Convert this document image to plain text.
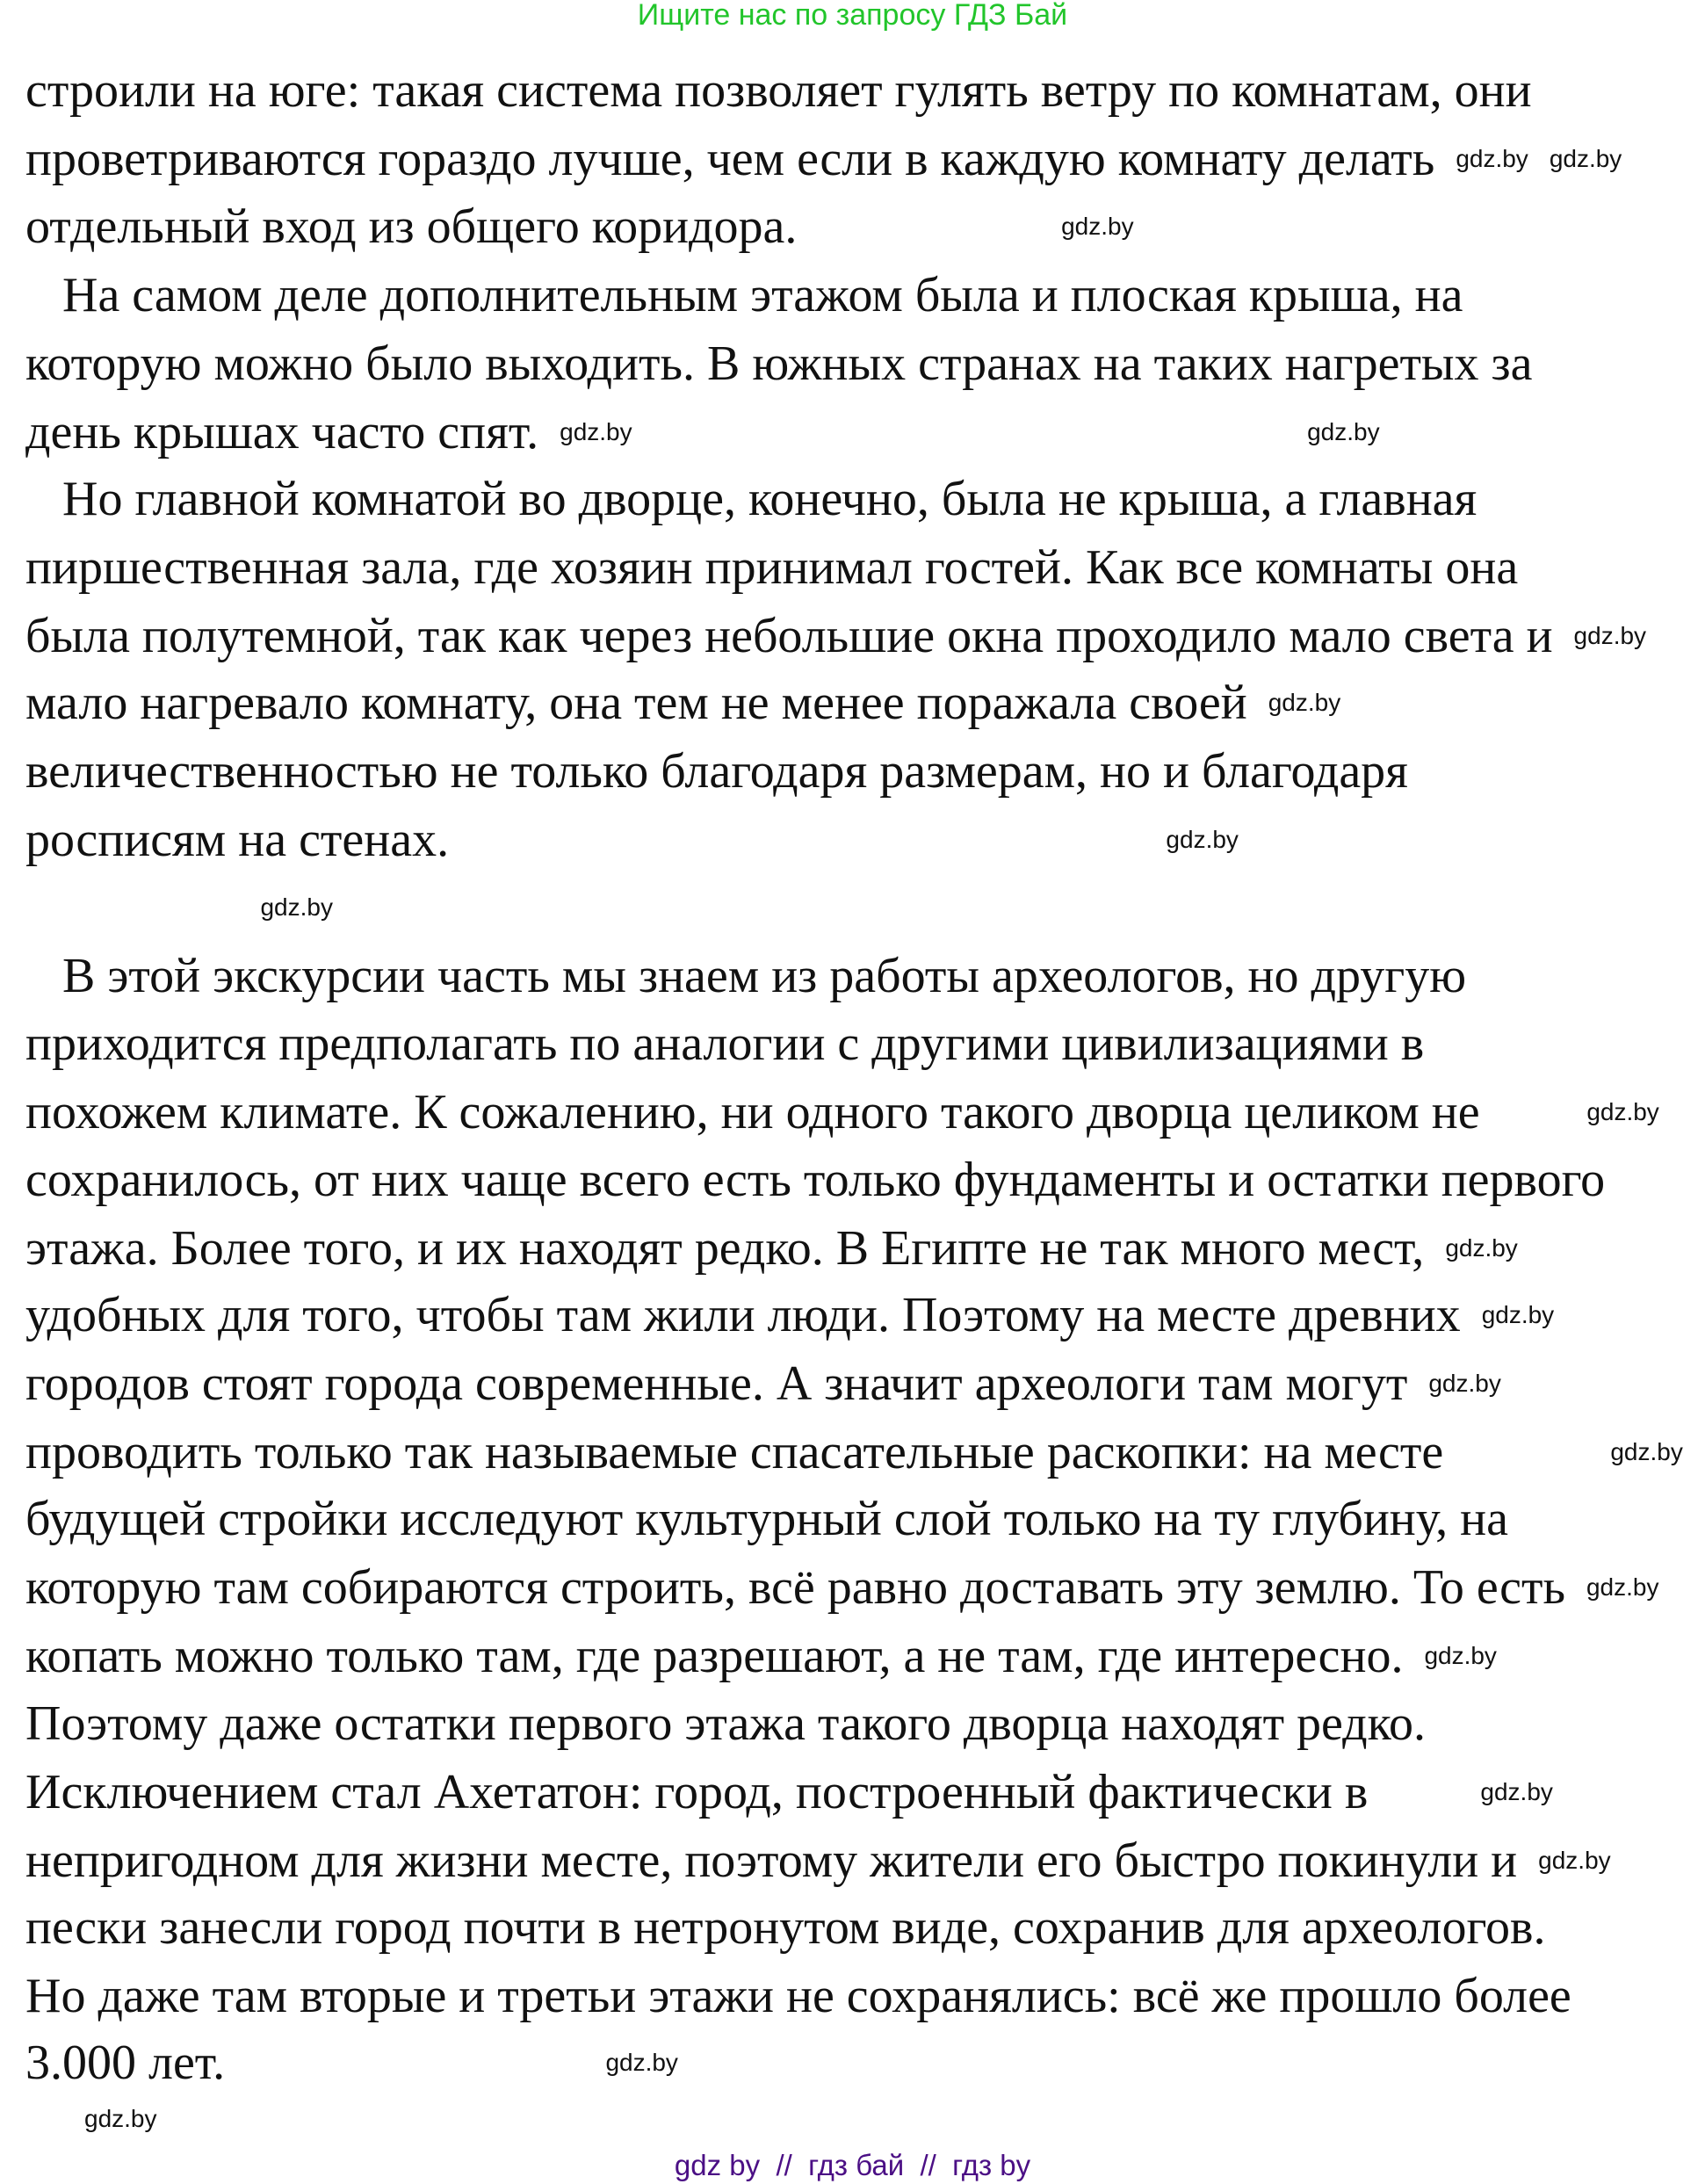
Ищите нас по запросу ГДЗ Бай
строили на юге: такая система позволяет гулять ветру по комнатам, они
проветриваются гораздо лучше, чем если в каждую комнату делать
отдельный вход из общего коридора.
На самом деле дополнительным этажом была и плоская крыша, на
которую можно было выходить. В южных странах на таких нагретых за
день крышах часто спят.
Но главной комнатой во дворце, конечно, была не крыша, а главная
пиршественная зала, где хозяин принимал гостей. Как все комнаты она
была полутемной, так как через небольшие окна проходило мало света и
мало нагревало комнату, она тем не менее поражала своей
величественностью не только благодаря размерам, но и благодаря
росписям на стенах.
В этой экскурсии часть мы знаем из работы археологов, но другую
приходится предполагать по аналогии с другими цивилизациями в
похожем климате. К сожалению, ни одного такого дворца целиком не
сохранилось, от них чаще всего есть только фундаменты и остатки первого
этажа. Более того, и их находят редко. В Египте не так много мест,
удобных для того, чтобы там жили люди. Поэтому на месте древних
городов стоят города современные. А значит археологи там могут
проводить только так называемые спасательные раскопки: на месте
будущей стройки исследуют культурный слой только на ту глубину, на
которую там собираются строить, всё равно доставать эту землю. То есть
копать можно только там, где разрешают, а не там, где интересно.
Поэтому даже остатки первого этажа такого дворца находят редко.
Исключением стал Ахетатон: город, построенный фактически в
непригодном для жизни месте, поэтому жители его быстро покинули и
пески занесли город почти в нетронутом виде, сохранив для археологов.
Но даже там вторые и третьи этажи не сохранялись: всё же прошло более
3.000 лет.
gdz.by gdz.by
gdz.by
gdz.by	gdz.by
gdz.by
gdz.by
gdz.by
gdz.by
gdz.by
gdz.by
gdz.by
gdz.by
gdz.by
gdz.by
gdz.by
gdz.by
gdz.by
gdz.by
gdz.by
gdz by  //  гдз бай  //  гдз by
